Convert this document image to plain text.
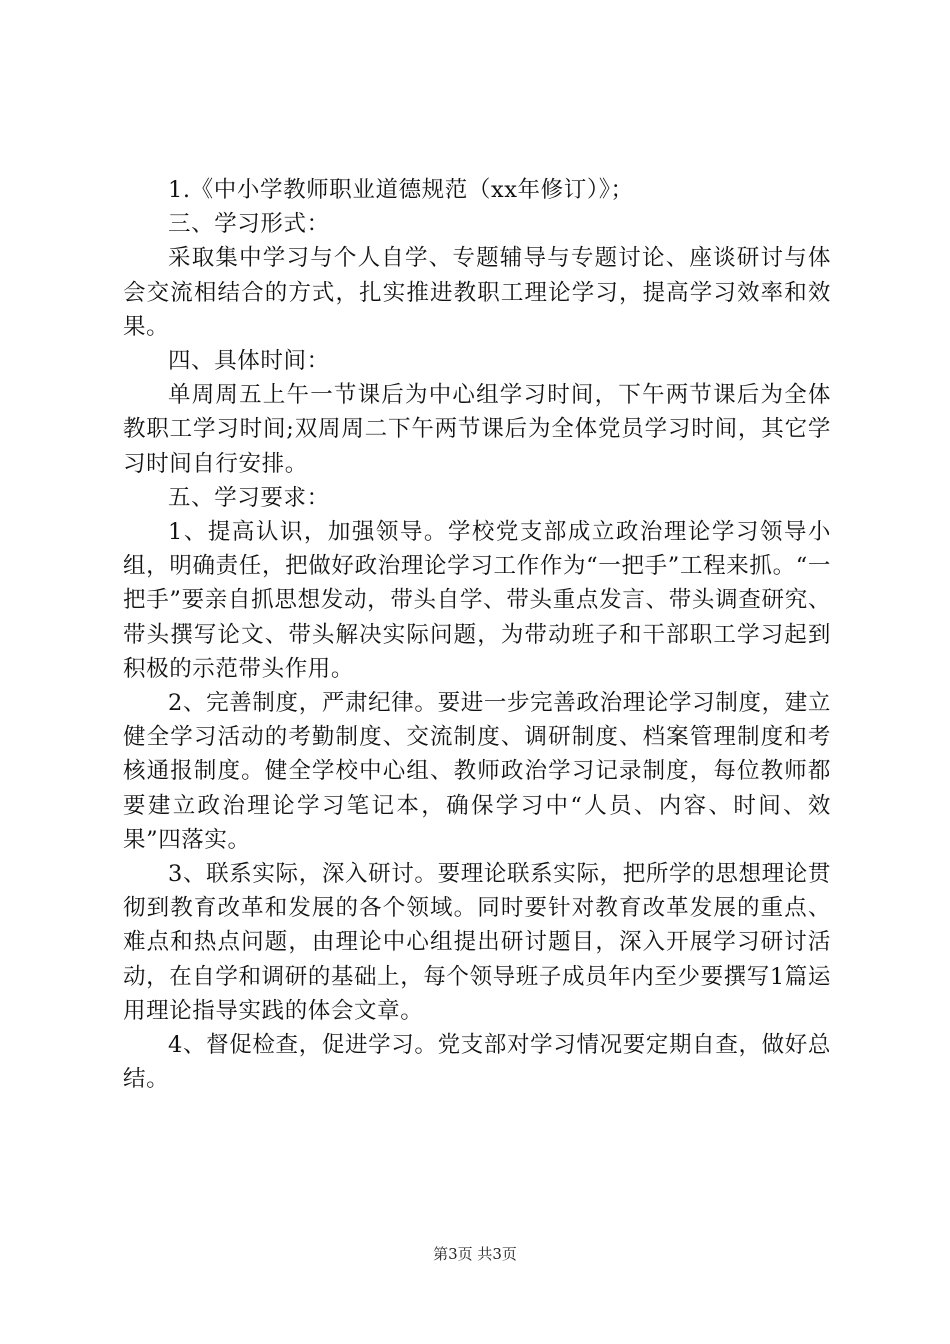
1.《中小学教师职业道德规范（xx年修订）》；

三、学习形式：

采取集中学习与个人自学、专题辅导与专题讨论、座谈研讨与体会交流相结合的方式，扎实推进教职工理论学习，提高学习效率和效果。

四、具体时间：

单周周五上午一节课后为中心组学习时间，下午两节课后为全体教职工学习时间;双周周二下午两节课后为全体党员学习时间，其它学习时间自行安排。

五、学习要求：

1、提高认识，加强领导。学校党支部成立政治理论学习领导小组，明确责任，把做好政治理论学习工作作为“一把手”工程来抓。“一把手”要亲自抓思想发动，带头自学、带头重点发言、带头调查研究、带头撰写论文、带头解决实际问题，为带动班子和干部职工学习起到积极的示范带头作用。

2、完善制度，严肃纪律。要进一步完善政治理论学习制度，建立健全学习活动的考勤制度、交流制度、调研制度、档案管理制度和考核通报制度。健全学校中心组、教师政治学习记录制度，每位教师都要建立政治理论学习笔记本，确保学习中“人员、内容、时间、效果”四落实。

3、联系实际，深入研讨。要理论联系实际，把所学的思想理论贯彻到教育改革和发展的各个领域。同时要针对教育改革发展的重点、难点和热点问题，由理论中心组提出研讨题目，深入开展学习研讨活动，在自学和调研的基础上，每个领导班子成员年内至少要撰写1篇运用理论指导实践的体会文章。

4、督促检查，促进学习。党支部对学习情况要定期自查，做好总结。

第3页 共3页
